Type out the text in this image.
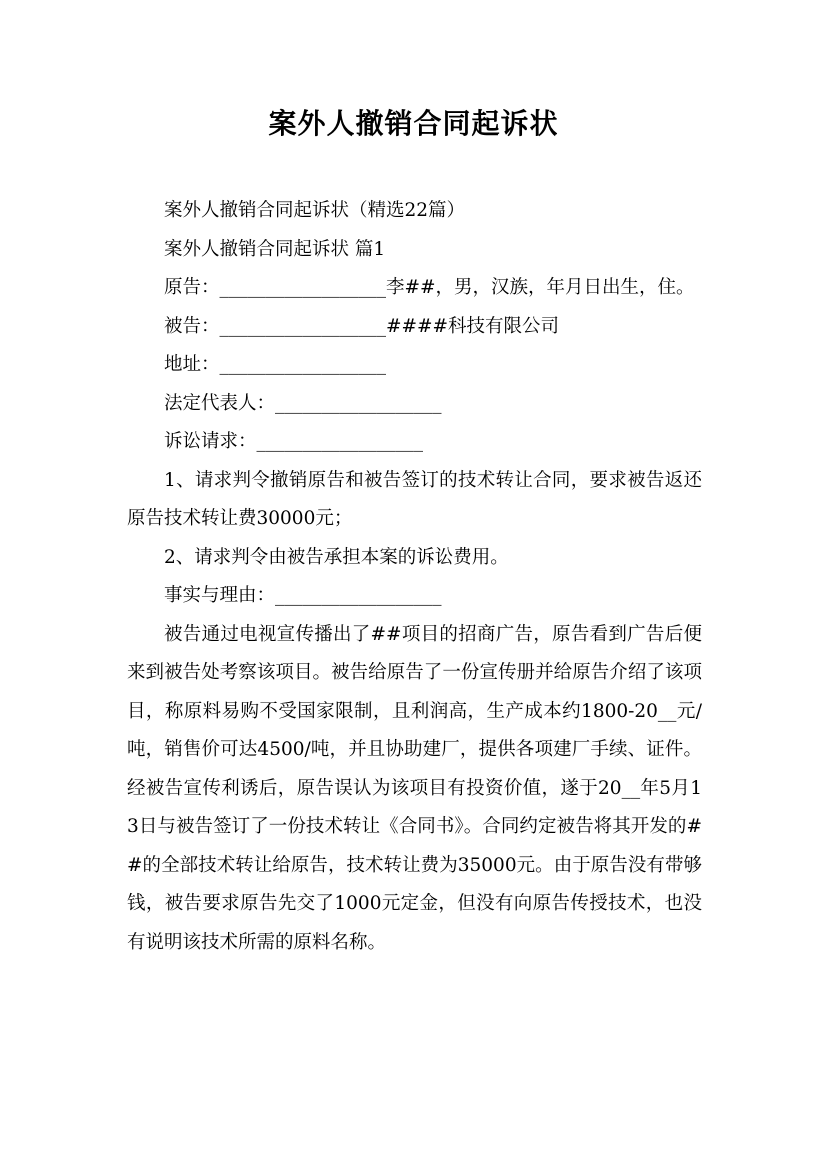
案外人撤销合同起诉状

案外人撤销合同起诉状（精选22篇）

案外人撤销合同起诉状 篇1

原告：__________________李##，男，汉族，年月日出生，住。

被告：__________________####科技有限公司

地址：__________________

法定代表人：__________________

诉讼请求：__________________

1、请求判令撤销原告和被告签订的技术转让合同，要求被告返还原告技术转让费30000元；

2、请求判令由被告承担本案的诉讼费用。

事实与理由：__________________

被告通过电视宣传播出了##项目的招商广告，原告看到广告后便来到被告处考察该项目。被告给原告了一份宣传册并给原告介绍了该项目，称原料易购不受国家限制，且利润高，生产成本约1800-20__元/吨，销售价可达4500/吨，并且协助建厂，提供各项建厂手续、证件。经被告宣传利诱后，原告误认为该项目有投资价值，遂于20__年5月13日与被告签订了一份技术转让《合同书》。合同约定被告将其开发的##的全部技术转让给原告，技术转让费为35000元。由于原告没有带够钱，被告要求原告先交了1000元定金，但没有向原告传授技术，也没有说明该技术所需的原料名称。
